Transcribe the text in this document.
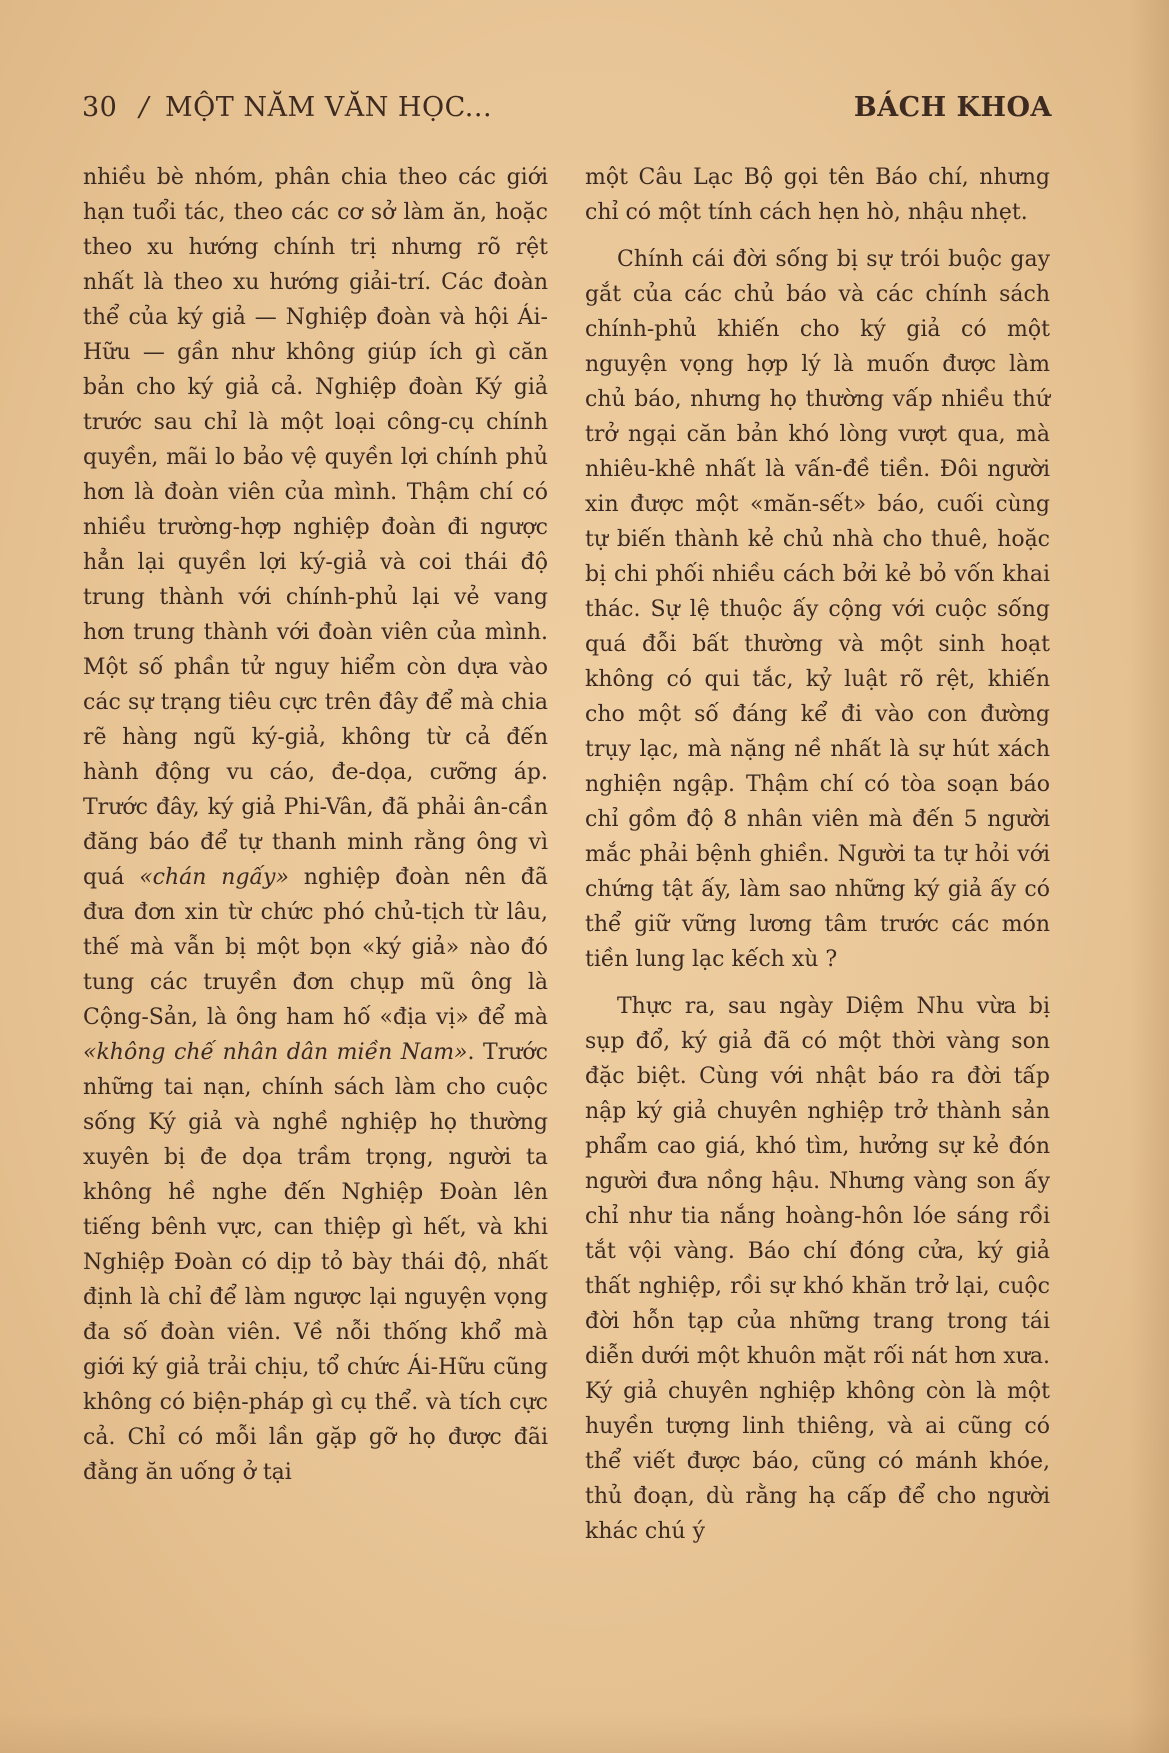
30 / MỘT NĂM VĂN HỌC...	BÁCH KHOA

nhiều bè nhóm, phân chia theo các giới hạn tuổi tác, theo các cơ sở làm ăn, hoặc theo xu hướng chính trị nhưng rõ rệt nhất là theo xu hướng giải-trí. Các đoàn thể của ký giả — Nghiệp đoàn và hội Ái-Hữu — gần như không giúp ích gì căn bản cho ký giả cả. Nghiệp đoàn Ký giả trước sau chỉ là một loại công-cụ chính quyền, mãi lo bảo vệ quyền lợi chính phủ hơn là đoàn viên của mình. Thậm chí có nhiều trường-hợp nghiệp đoàn đi ngược hẳn lại quyền lợi ký-giả và coi thái độ trung thành với chính-phủ lại vẻ vang hơn trung thành với đoàn viên của mình. Một số phần tử nguy hiểm còn dựa vào các sự trạng tiêu cực trên đây để mà chia rẽ hàng ngũ ký-giả, không từ cả đến hành động vu cáo, đe-dọa, cưỡng áp. Trước đây, ký giả Phi-Vân, đã phải ân-cần đăng báo để tự thanh minh rằng ông vì quá «chán ngấy» nghiệp đoàn nên đã đưa đơn xin từ chức phó chủ-tịch từ lâu, thế mà vẫn bị một bọn «ký giả» nào đó tung các truyền đơn chụp mũ ông là Cộng-Sản, là ông ham hố «địa vị» để mà «không chế nhân dân miền Nam». Trước những tai nạn, chính sách làm cho cuộc sống Ký giả và nghề nghiệp họ thường xuyên bị đe dọa trầm trọng, người ta không hề nghe đến Nghiệp Đoàn lên tiếng bênh vực, can thiệp gì hết, và khi Nghiệp Đoàn có dịp tỏ bày thái độ, nhất định là chỉ để làm ngược lại nguyện vọng đa số đoàn viên. Về nỗi thống khổ mà giới ký giả trải chịu, tổ chức Ái-Hữu cũng không có biện-pháp gì cụ thể. và tích cực cả. Chỉ có mỗi lần gặp gỡ họ được đãi đằng ăn uống ở tại

một Câu Lạc Bộ gọi tên Báo chí, nhưng chỉ có một tính cách hẹn hò, nhậu nhẹt.

Chính cái đời sống bị sự trói buộc gay gắt của các chủ báo và các chính sách chính-phủ khiến cho ký giả có một nguyện vọng hợp lý là muốn được làm chủ báo, nhưng họ thường vấp nhiều thứ trở ngại căn bản khó lòng vượt qua, mà nhiêu-khê nhất là vấn-đề tiền. Đôi người xin được một «măn-sết» báo, cuối cùng tự biến thành kẻ chủ nhà cho thuê, hoặc bị chi phối nhiều cách bởi kẻ bỏ vốn khai thác. Sự lệ thuộc ấy cộng với cuộc sống quá đỗi bất thường và một sinh hoạt không có qui tắc, kỷ luật rõ rệt, khiến cho một số đáng kể đi vào con đường trụy lạc, mà nặng nề nhất là sự hút xách nghiện ngập. Thậm chí có tòa soạn báo chỉ gồm độ 8 nhân viên mà đến 5 người mắc phải bệnh ghiền. Người ta tự hỏi với chứng tật ấy, làm sao những ký giả ấy có thể giữ vững lương tâm trước các món tiền lung lạc kếch xù ?

Thực ra, sau ngày Diệm Nhu vừa bị sụp đổ, ký giả đã có một thời vàng son đặc biệt. Cùng với nhật báo ra đời tấp nập ký giả chuyên nghiệp trở thành sản phẩm cao giá, khó tìm, hưởng sự kẻ đón người đưa nồng hậu. Nhưng vàng son ấy chỉ như tia nắng hoàng-hôn lóe sáng rồi tắt vội vàng. Báo chí đóng cửa, ký giả thất nghiệp, rồi sự khó khăn trở lại, cuộc đời hỗn tạp của những trang trong tái diễn dưới một khuôn mặt rối nát hơn xưa. Ký giả chuyên nghiệp không còn là một huyền tượng linh thiêng, và ai cũng có thể viết được báo, cũng có mánh khóe, thủ đoạn, dù rằng hạ cấp để cho người khác chú ý
